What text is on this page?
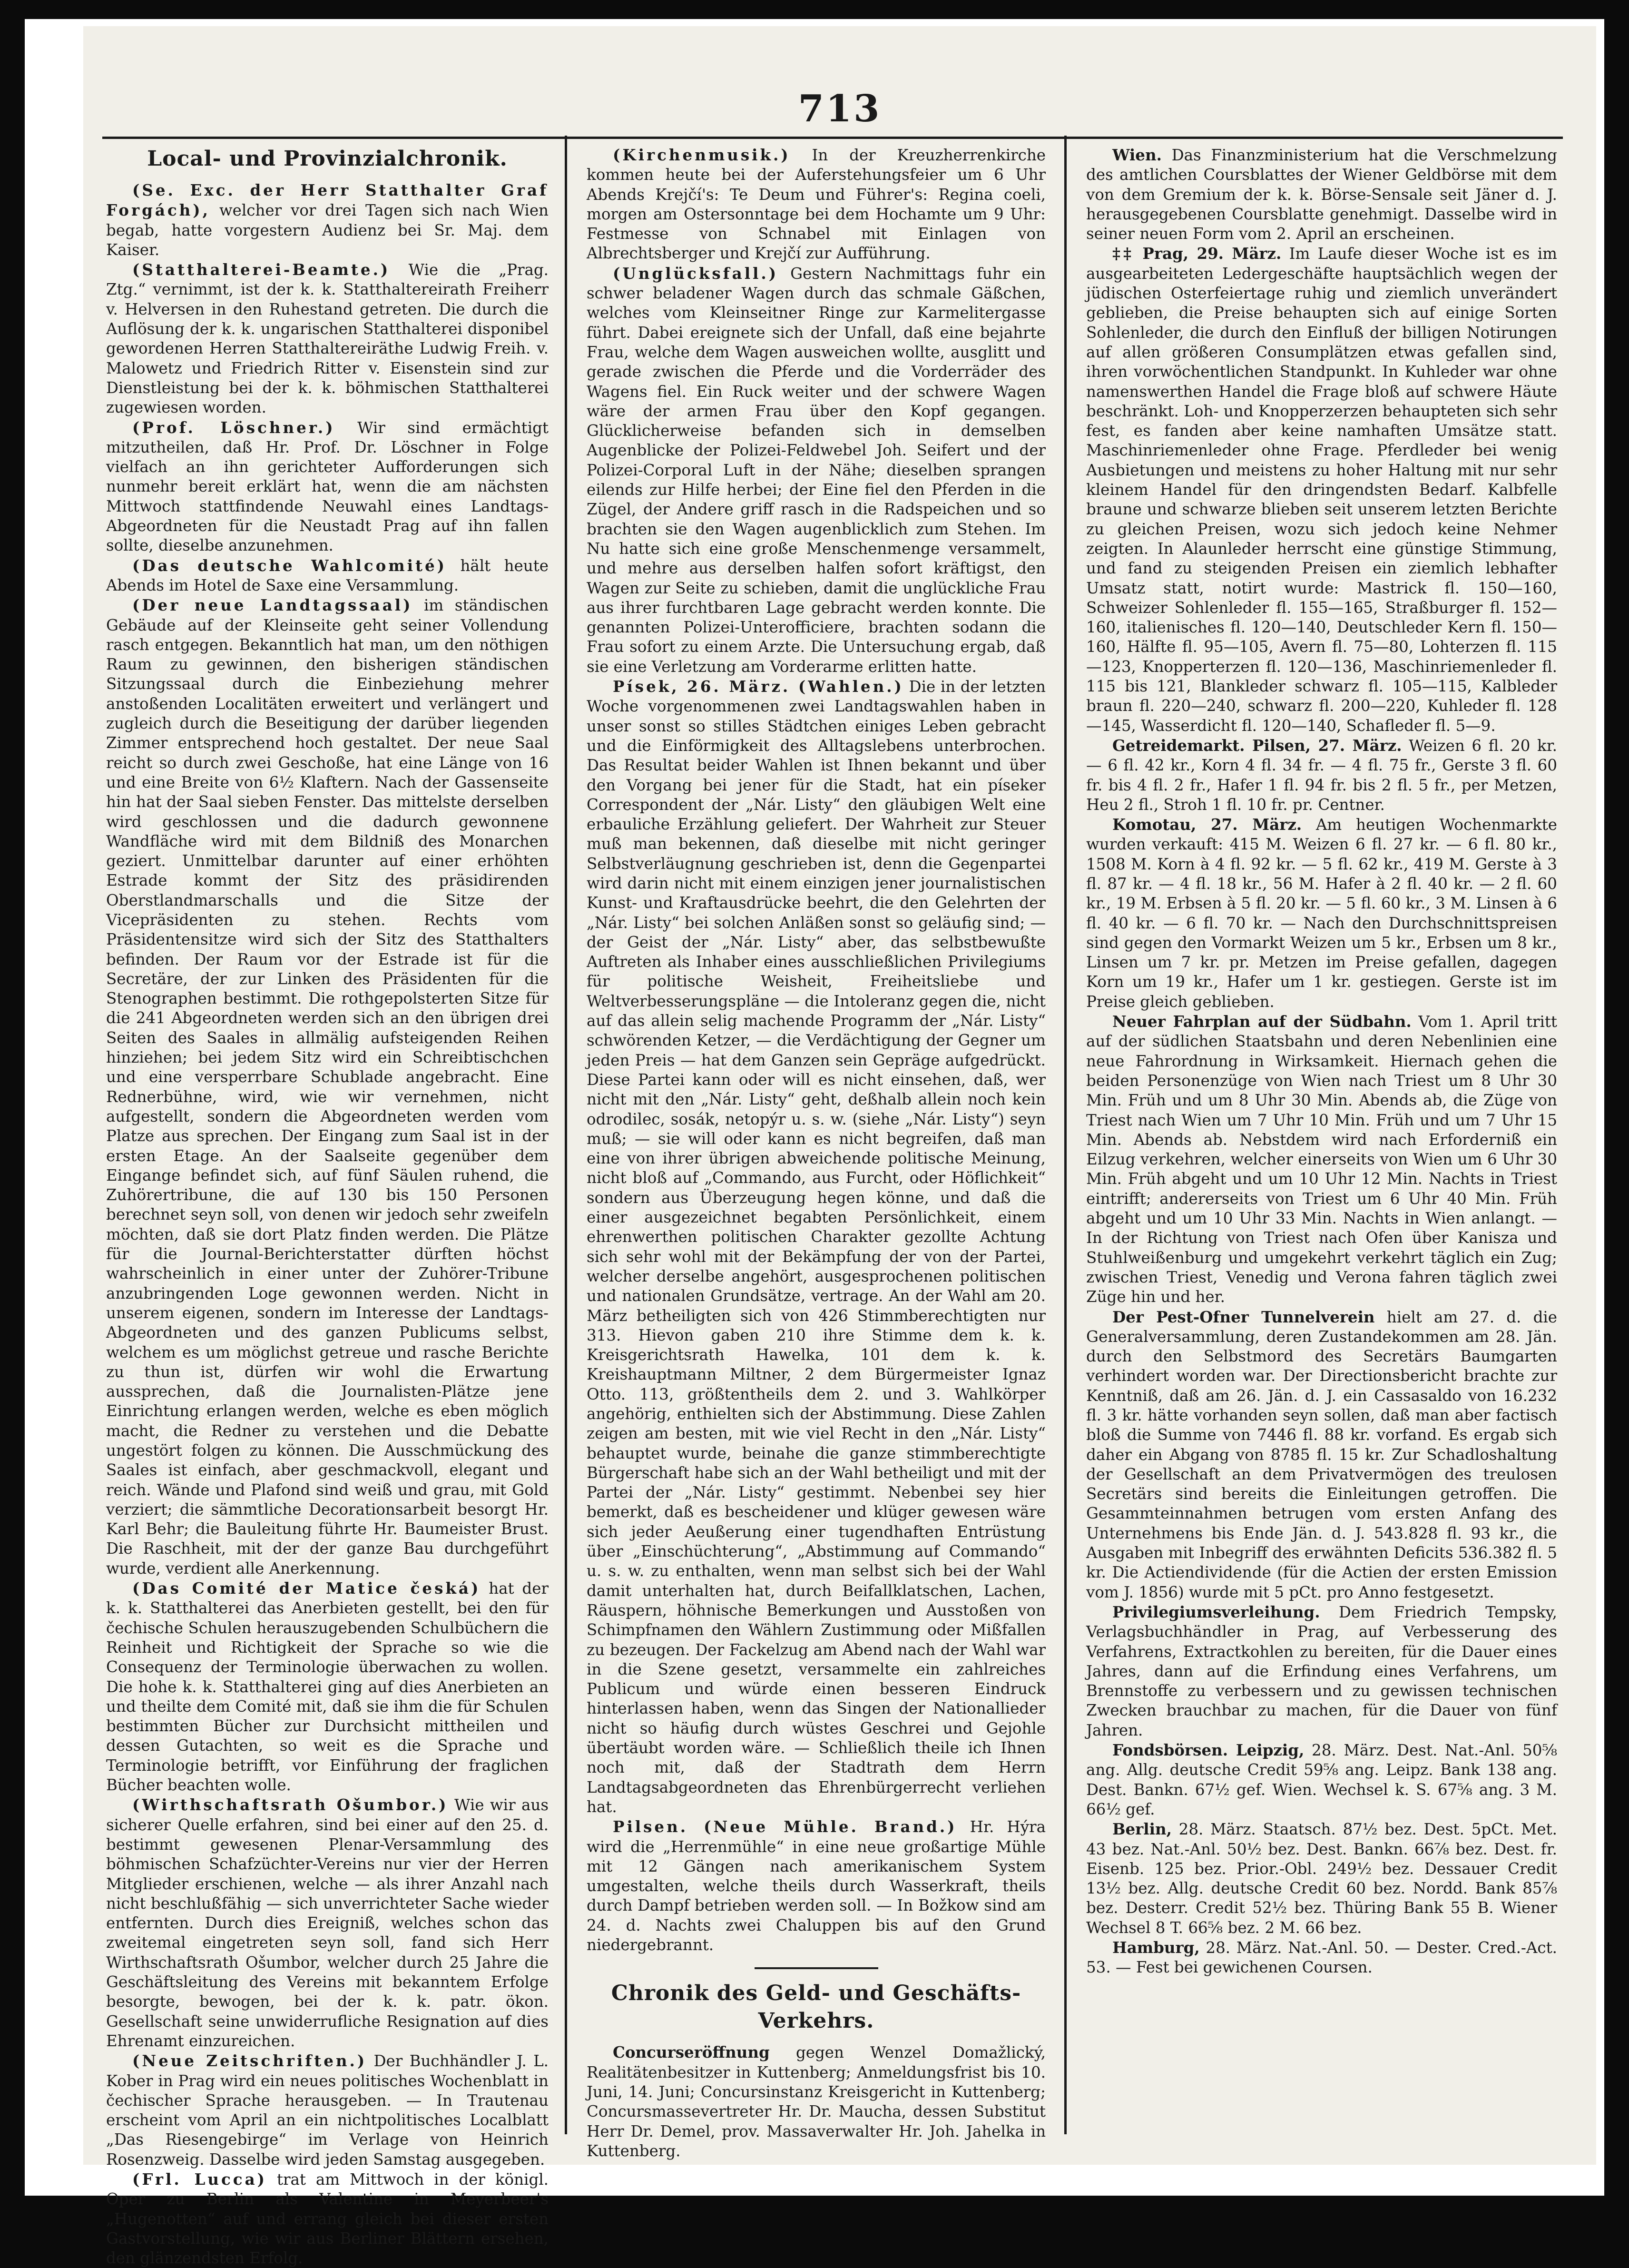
713
Local- und Provinzialchronik.

(Se. Exc. der Herr Statthalter Graf Forgách), welcher vor drei Tagen sich nach Wien begab, hatte vorgestern Audienz bei Sr. Maj. dem Kaiser.

(Statthalterei-Beamte.) Wie die „Prag. Ztg.“ vernimmt, ist der k. k. Statthaltereirath Freiherr v. Helversen in den Ruhestand getreten. Die durch die Auflösung der k. k. ungarischen Statthalterei disponibel gewordenen Herren Statthaltereiräthe Ludwig Freih. v. Malowetz und Friedrich Ritter v. Eisenstein sind zur Dienstleistung bei der k. k. böhmischen Statthalterei zugewiesen worden.

(Prof. Löschner.) Wir sind ermächtigt mitzutheilen, daß Hr. Prof. Dr. Löschner in Folge vielfach an ihn gerichteter Aufforderungen sich nunmehr bereit erklärt hat, wenn die am nächsten Mittwoch stattfindende Neuwahl eines Landtags-Abgeordneten für die Neustadt Prag auf ihn fallen sollte, dieselbe anzunehmen.

(Das deutsche Wahlcomité) hält heute Abends im Hotel de Saxe eine Versammlung.

(Der neue Landtagssaal) im ständischen Gebäude auf der Kleinseite geht seiner Vollendung rasch entgegen. Bekanntlich hat man, um den nöthigen Raum zu gewinnen, den bisherigen ständischen Sitzungssaal durch die Einbeziehung mehrer anstoßenden Localitäten erweitert und verlängert und zugleich durch die Beseitigung der darüber liegenden Zimmer entsprechend hoch gestaltet. Der neue Saal reicht so durch zwei Geschoße, hat eine Länge von 16 und eine Breite von 6½ Klaftern. Nach der Gassenseite hin hat der Saal sieben Fenster. Das mittelste derselben wird geschlossen und die dadurch gewonnene Wandfläche wird mit dem Bildniß des Monarchen geziert. Unmittelbar darunter auf einer erhöhten Estrade kommt der Sitz des präsidirenden Oberstlandmarschalls und die Sitze der Vicepräsidenten zu stehen. Rechts vom Präsidentensitze wird sich der Sitz des Statthalters befinden. Der Raum vor der Estrade ist für die Secretäre, der zur Linken des Präsidenten für die Stenographen bestimmt. Die rothgepolsterten Sitze für die 241 Abgeordneten werden sich an den übrigen drei Seiten des Saales in allmälig aufsteigenden Reihen hinziehen; bei jedem Sitz wird ein Schreibtischchen und eine versperrbare Schublade angebracht. Eine Rednerbühne, wird, wie wir vernehmen, nicht aufgestellt, sondern die Abgeordneten werden vom Platze aus sprechen. Der Eingang zum Saal ist in der ersten Etage. An der Saalseite gegenüber dem Eingange befindet sich, auf fünf Säulen ruhend, die Zuhörertribune, die auf 130 bis 150 Personen berechnet seyn soll, von denen wir jedoch sehr zweifeln möchten, daß sie dort Platz finden werden. Die Plätze für die Journal-Berichterstatter dürften höchst wahrscheinlich in einer unter der Zuhörer-Tribune anzubringenden Loge gewonnen werden. Nicht in unserem eigenen, sondern im Interesse der Landtags-Abgeordneten und des ganzen Publicums selbst, welchem es um möglichst getreue und rasche Berichte zu thun ist, dürfen wir wohl die Erwartung aussprechen, daß die Journalisten-Plätze jene Einrichtung erlangen werden, welche es eben möglich macht, die Redner zu verstehen und die Debatte ungestört folgen zu können. Die Ausschmückung des Saales ist einfach, aber geschmackvoll, elegant und reich. Wände und Plafond sind weiß und grau, mit Gold verziert; die sämmtliche Decorationsarbeit besorgt Hr. Karl Behr; die Bauleitung führte Hr. Baumeister Brust. Die Raschheit, mit der der ganze Bau durchgeführt wurde, verdient alle Anerkennung.

(Das Comité der Matice česká) hat der k. k. Statthalterei das Anerbieten gestellt, bei den für čechische Schulen herauszugebenden Schulbüchern die Reinheit und Richtigkeit der Sprache so wie die Consequenz der Terminologie überwachen zu wollen. Die hohe k. k. Statthalterei ging auf dies Anerbieten an und theilte dem Comité mit, daß sie ihm die für Schulen bestimmten Bücher zur Durchsicht mittheilen und dessen Gutachten, so weit es die Sprache und Terminologie betrifft, vor Einführung der fraglichen Bücher beachten wolle.

(Wirthschaftsrath Ošumbor.) Wie wir aus sicherer Quelle erfahren, sind bei einer auf den 25. d. bestimmt gewesenen Plenar-Versammlung des böhmischen Schafzüchter-Vereins nur vier der Herren Mitglieder erschienen, welche — als ihrer Anzahl nach nicht beschlußfähig — sich unverrichteter Sache wieder entfernten. Durch dies Ereigniß, welches schon das zweitemal eingetreten seyn soll, fand sich Herr Wirthschaftsrath Ošumbor, welcher durch 25 Jahre die Geschäftsleitung des Vereins mit bekanntem Erfolge besorgte, bewogen, bei der k. k. patr. ökon. Gesellschaft seine unwiderrufliche Resignation auf dies Ehrenamt einzureichen.

(Neue Zeitschriften.) Der Buchhändler J. L. Kober in Prag wird ein neues politisches Wochenblatt in čechischer Sprache herausgeben. — In Trautenau erscheint vom April an ein nichtpolitisches Localblatt „Das Riesengebirge“ im Verlage von Heinrich Rosenzweig. Dasselbe wird jeden Samstag ausgegeben.

(Frl. Lucca) trat am Mittwoch in der königl. Oper zu Berlin als Valentine in Meyerbeer's „Hugenotten“ auf und errang gleich bei dieser ersten Gastvorstellung, wie wir aus Berliner Blättern ersehen, den glänzendsten Erfolg.

(Kirchenmusik.) In der Kreuzherrenkirche kommen heute bei der Auferstehungsfeier um 6 Uhr Abends Krejčí's: Te Deum und Führer's: Regina coeli, morgen am Ostersonntage bei dem Hochamte um 9 Uhr: Festmesse von Schnabel mit Einlagen von Albrechtsberger und Krejčí zur Aufführung.

(Unglücksfall.) Gestern Nachmittags fuhr ein schwer beladener Wagen durch das schmale Gäßchen, welches vom Kleinseitner Ringe zur Karmelitergasse führt. Dabei ereignete sich der Unfall, daß eine bejahrte Frau, welche dem Wagen ausweichen wollte, ausglitt und gerade zwischen die Pferde und die Vorderräder des Wagens fiel. Ein Ruck weiter und der schwere Wagen wäre der armen Frau über den Kopf gegangen. Glücklicherweise befanden sich in demselben Augenblicke der Polizei-Feldwebel Joh. Seifert und der Polizei-Corporal Luft in der Nähe; dieselben sprangen eilends zur Hilfe herbei; der Eine fiel den Pferden in die Zügel, der Andere griff rasch in die Radspeichen und so brachten sie den Wagen augenblicklich zum Stehen. Im Nu hatte sich eine große Menschenmenge versammelt, und mehre aus derselben halfen sofort kräftigst, den Wagen zur Seite zu schieben, damit die unglückliche Frau aus ihrer furchtbaren Lage gebracht werden konnte. Die genannten Polizei-Unterofficiere, brachten sodann die Frau sofort zu einem Arzte. Die Untersuchung ergab, daß sie eine Verletzung am Vorderarme erlitten hatte.

Písek, 26. März. (Wahlen.) Die in der letzten Woche vorgenommenen zwei Landtagswahlen haben in unser sonst so stilles Städtchen einiges Leben gebracht und die Einförmigkeit des Alltagslebens unterbrochen. Das Resultat beider Wahlen ist Ihnen bekannt und über den Vorgang bei jener für die Stadt, hat ein píseker Correspondent der „Nár. Listy“ den gläubigen Welt eine erbauliche Erzählung geliefert. Der Wahrheit zur Steuer muß man bekennen, daß dieselbe mit nicht geringer Selbstverläugnung geschrieben ist, denn die Gegenpartei wird darin nicht mit einem einzigen jener journalistischen Kunst- und Kraftausdrücke beehrt, die den Gelehrten der „Nár. Listy“ bei solchen Anläßen sonst so geläufig sind; — der Geist der „Nár. Listy“ aber, das selbstbewußte Auftreten als Inhaber eines ausschließlichen Privilegiums für politische Weisheit, Freiheitsliebe und Weltverbesserungspläne — die Intoleranz gegen die, nicht auf das allein selig machende Programm der „Nár. Listy“ schwörenden Ketzer, — die Verdächtigung der Gegner um jeden Preis — hat dem Ganzen sein Gepräge aufgedrückt. Diese Partei kann oder will es nicht einsehen, daß, wer nicht mit den „Nár. Listy“ geht, deßhalb allein noch kein odrodilec, sosák, netopýr u. s. w. (siehe „Nár. Listy“) seyn muß; — sie will oder kann es nicht begreifen, daß man eine von ihrer übrigen abweichende politische Meinung, nicht bloß auf „Commando, aus Furcht, oder Höflichkeit“ sondern aus Überzeugung hegen könne, und daß die einer ausgezeichnet begabten Persönlichkeit, einem ehrenwerthen politischen Charakter gezollte Achtung sich sehr wohl mit der Bekämpfung der von der Partei, welcher derselbe angehört, ausgesprochenen politischen und nationalen Grundsätze, vertrage. An der Wahl am 20. März betheiligten sich von 426 Stimmberechtigten nur 313. Hievon gaben 210 ihre Stimme dem k. k. Kreisgerichtsrath Hawelka, 101 dem k. k. Kreishauptmann Miltner, 2 dem Bürgermeister Ignaz Otto. 113, größtentheils dem 2. und 3. Wahlkörper angehörig, enthielten sich der Abstimmung. Diese Zahlen zeigen am besten, mit wie viel Recht in den „Nár. Listy“ behauptet wurde, beinahe die ganze stimmberechtigte Bürgerschaft habe sich an der Wahl betheiligt und mit der Partei der „Nár. Listy“ gestimmt. Nebenbei sey hier bemerkt, daß es bescheidener und klüger gewesen wäre sich jeder Aeußerung einer tugendhaften Entrüstung über „Einschüchterung“, „Abstimmung auf Commando“ u. s. w. zu enthalten, wenn man selbst sich bei der Wahl damit unterhalten hat, durch Beifallklatschen, Lachen, Räuspern, höhnische Bemerkungen und Ausstoßen von Schimpfnamen den Wählern Zustimmung oder Mißfallen zu bezeugen. Der Fackelzug am Abend nach der Wahl war in die Szene gesetzt, versammelte ein zahlreiches Publicum und würde einen besseren Eindruck hinterlassen haben, wenn das Singen der Nationallieder nicht so häufig durch wüstes Geschrei und Gejohle übertäubt worden wäre. — Schließlich theile ich Ihnen noch mit, daß der Stadtrath dem Herrn Landtagsabgeordneten das Ehrenbürgerrecht verliehen hat.

Pilsen. (Neue Mühle. Brand.) Hr. Hýra wird die „Herrenmühle“ in eine neue großartige Mühle mit 12 Gängen nach amerikanischem System umgestalten, welche theils durch Wasserkraft, theils durch Dampf betrieben werden soll. — In Božkow sind am 24. d. Nachts zwei Chaluppen bis auf den Grund niedergebrannt.

Chronik des Geld- und Geschäfts-Verkehrs.

Concurseröffnung gegen Wenzel Domažlický, Realitätenbesitzer in Kuttenberg; Anmeldungsfrist bis 10. Juni, 14. Juni; Concursinstanz Kreisgericht in Kuttenberg; Concursmassevertreter Hr. Dr. Maucha, dessen Substitut Herr Dr. Demel, prov. Massaverwalter Hr. Joh. Jahelka in Kuttenberg.

Wien. Das Finanzministerium hat die Verschmelzung des amtlichen Coursblattes der Wiener Geldbörse mit dem von dem Gremium der k. k. Börse-Sensale seit Jäner d. J. herausgegebenen Coursblatte genehmigt. Dasselbe wird in seiner neuen Form vom 2. April an erscheinen.

‡‡ Prag, 29. März. Im Laufe dieser Woche ist es im ausgearbeiteten Ledergeschäfte hauptsächlich wegen der jüdischen Osterfeiertage ruhig und ziemlich unverändert geblieben, die Preise behaupten sich auf einige Sorten Sohlenleder, die durch den Einfluß der billigen Notirungen auf allen größeren Consumplätzen etwas gefallen sind, ihren vorwöchentlichen Standpunkt. In Kuhleder war ohne namenswerthen Handel die Frage bloß auf schwere Häute beschränkt. Loh- und Knopperzerzen behaupteten sich sehr fest, es fanden aber keine namhaften Umsätze statt. Maschinriemenleder ohne Frage. Pferdleder bei wenig Ausbietungen und meistens zu hoher Haltung mit nur sehr kleinem Handel für den dringendsten Bedarf. Kalbfelle braune und schwarze blieben seit unserem letzten Berichte zu gleichen Preisen, wozu sich jedoch keine Nehmer zeigten. In Alaunleder herrscht eine günstige Stimmung, und fand zu steigenden Preisen ein ziemlich lebhafter Umsatz statt, notirt wurde: Mastrick fl. 150—160, Schweizer Sohlenleder fl. 155—165, Straßburger fl. 152—160, italienisches fl. 120—140, Deutschleder Kern fl. 150—160, Hälfte fl. 95—105, Avern fl. 75—80, Lohterzen fl. 115—123, Knopperterzen fl. 120—136, Maschinriemenleder fl. 115 bis 121, Blankleder schwarz fl. 105—115, Kalbleder braun fl. 220—240, schwarz fl. 200—220, Kuhleder fl. 128—145, Wasserdicht fl. 120—140, Schafleder fl. 5—9.

Getreidemarkt. Pilsen, 27. März. Weizen 6 fl. 20 kr. — 6 fl. 42 kr., Korn 4 fl. 34 fr. — 4 fl. 75 fr., Gerste 3 fl. 60 fr. bis 4 fl. 2 fr., Hafer 1 fl. 94 fr. bis 2 fl. 5 fr., per Metzen, Heu 2 fl., Stroh 1 fl. 10 fr. pr. Centner.

Komotau, 27. März. Am heutigen Wochenmarkte wurden verkauft: 415 M. Weizen 6 fl. 27 kr. — 6 fl. 80 kr., 1508 M. Korn à 4 fl. 92 kr. — 5 fl. 62 kr., 419 M. Gerste à 3 fl. 87 kr. — 4 fl. 18 kr., 56 M. Hafer à 2 fl. 40 kr. — 2 fl. 60 kr., 19 M. Erbsen à 5 fl. 20 kr. — 5 fl. 60 kr., 3 M. Linsen à 6 fl. 40 kr. — 6 fl. 70 kr. — Nach den Durchschnittspreisen sind gegen den Vormarkt Weizen um 5 kr., Erbsen um 8 kr., Linsen um 7 kr. pr. Metzen im Preise gefallen, dagegen Korn um 19 kr., Hafer um 1 kr. gestiegen. Gerste ist im Preise gleich geblieben.

Neuer Fahrplan auf der Südbahn. Vom 1. April tritt auf der südlichen Staatsbahn und deren Nebenlinien eine neue Fahrordnung in Wirksamkeit. Hiernach gehen die beiden Personenzüge von Wien nach Triest um 8 Uhr 30 Min. Früh und um 8 Uhr 30 Min. Abends ab, die Züge von Triest nach Wien um 7 Uhr 10 Min. Früh und um 7 Uhr 15 Min. Abends ab. Nebstdem wird nach Erforderniß ein Eilzug verkehren, welcher einerseits von Wien um 6 Uhr 30 Min. Früh abgeht und um 10 Uhr 12 Min. Nachts in Triest eintrifft; andererseits von Triest um 6 Uhr 40 Min. Früh abgeht und um 10 Uhr 33 Min. Nachts in Wien anlangt. — In der Richtung von Triest nach Ofen über Kanisza und Stuhlweißenburg und umgekehrt verkehrt täglich ein Zug; zwischen Triest, Venedig und Verona fahren täglich zwei Züge hin und her.

Der Pest-Ofner Tunnelverein hielt am 27. d. die Generalversammlung, deren Zustandekommen am 28. Jän. durch den Selbstmord des Secretärs Baumgarten verhindert worden war. Der Directionsbericht brachte zur Kenntniß, daß am 26. Jän. d. J. ein Cassasaldo von 16.232 fl. 3 kr. hätte vorhanden seyn sollen, daß man aber factisch bloß die Summe von 7446 fl. 88 kr. vorfand. Es ergab sich daher ein Abgang von 8785 fl. 15 kr. Zur Schadloshaltung der Gesellschaft an dem Privatvermögen des treulosen Secretärs sind bereits die Einleitungen getroffen. Die Gesammteinnahmen betrugen vom ersten Anfang des Unternehmens bis Ende Jän. d. J. 543.828 fl. 93 kr., die Ausgaben mit Inbegriff des erwähnten Deficits 536.382 fl. 5 kr. Die Actiendividende (für die Actien der ersten Emission vom J. 1856) wurde mit 5 pCt. pro Anno festgesetzt.

Privilegiumsverleihung. Dem Friedrich Tempsky, Verlagsbuchhändler in Prag, auf Verbesserung des Verfahrens, Extractkohlen zu bereiten, für die Dauer eines Jahres, dann auf die Erfindung eines Verfahrens, um Brennstoffe zu verbessern und zu gewissen technischen Zwecken brauchbar zu machen, für die Dauer von fünf Jahren.

Fondsbörsen. Leipzig, 28. März. Dest. Nat.-Anl. 50⅝ ang. Allg. deutsche Credit 59⅝ ang. Leipz. Bank 138 ang. Dest. Bankn. 67½ gef. Wien. Wechsel k. S. 67⅝ ang. 3 M. 66½ gef.

Berlin, 28. März. Staatsch. 87½ bez. Dest. 5pCt. Met. 43 bez. Nat.-Anl. 50½ bez. Dest. Bankn. 66⅞ bez. Dest. fr. Eisenb. 125 bez. Prior.-Obl. 249½ bez. Dessauer Credit 13½ bez. Allg. deutsche Credit 60 bez. Nordd. Bank 85⅞ bez. Desterr. Credit 52½ bez. Thüring Bank 55 B. Wiener Wechsel 8 T. 66⅝ bez. 2 M. 66 bez.

Hamburg, 28. März. Nat.-Anl. 50. — Dester. Cred.-Act. 53. — Fest bei gewichenen Coursen.
